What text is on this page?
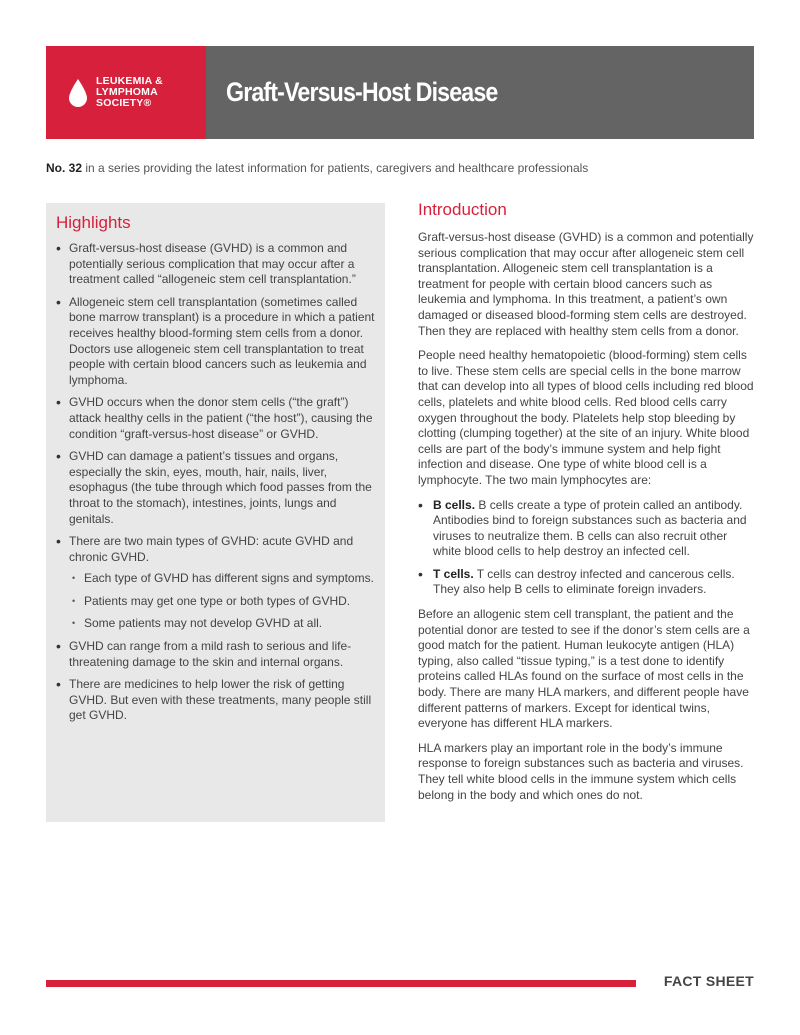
LEUKEMIA &
LYMPHOMA
SOCIETY®	Graft-Versus-Host Disease
No. 32 in a series providing the latest information for patients, caregivers and healthcare professionals
Highlights
• Graft-versus-host disease (GVHD) is a common and potentially serious complication that may occur after a treatment called “allogeneic stem cell transplantation.”
• Allogeneic stem cell transplantation (sometimes called bone marrow transplant) is a procedure in which a patient receives healthy blood-forming stem cells from a donor. Doctors use allogeneic stem cell transplantation to treat people with certain blood cancers such as leukemia and lymphoma.
• GVHD occurs when the donor stem cells (“the graft”) attack healthy cells in the patient (“the host”), causing the condition “graft-versus-host disease” or GVHD.
• GVHD can damage a patient’s tissues and organs, especially the skin, eyes, mouth, hair, nails, liver, esophagus (the tube through which food passes from the throat to the stomach), intestines, joints, lungs and genitals.
• There are two main types of GVHD: acute GVHD and chronic GVHD.
• Each type of GVHD has different signs and symptoms.
• Patients may get one type or both types of GVHD.
• Some patients may not develop GVHD at all.
• GVHD can range from a mild rash to serious and life-threatening damage to the skin and internal organs.
• There are medicines to help lower the risk of getting GVHD. But even with these treatments, many people still get GVHD.
Introduction

Graft-versus-host disease (GVHD) is a common and potentially serious complication that may occur after allogeneic stem cell transplantation. Allogeneic stem cell transplantation is a treatment for people with certain blood cancers such as leukemia and lymphoma. In this treatment, a patient’s own damaged or diseased blood-forming stem cells are destroyed. Then they are replaced with healthy stem cells from a donor.

People need healthy hematopoietic (blood-forming) stem cells to live. These stem cells are special cells in the bone marrow that can develop into all types of blood cells including red blood cells, platelets and white blood cells. Red blood cells carry oxygen throughout the body. Platelets help stop bleeding by clotting (clumping together) at the site of an injury. White blood cells are part of the body’s immune system and help fight infection and disease. One type of white blood cell is a lymphocyte. The two main lymphocytes are:

• B cells. B cells create a type of protein called an antibody. Antibodies bind to foreign substances such as bacteria and viruses to neutralize them. B cells can also recruit other white blood cells to help destroy an infected cell.
• T cells. T cells can destroy infected and cancerous cells. They also help B cells to eliminate foreign invaders.

Before an allogenic stem cell transplant, the patient and the potential donor are tested to see if the donor’s stem cells are a good match for the patient. Human leukocyte antigen (HLA) typing, also called “tissue typing,” is a test done to identify proteins called HLAs found on the surface of most cells in the body. There are many HLA markers, and different people have different patterns of markers. Except for identical twins, everyone has different HLA markers.

HLA markers play an important role in the body’s immune response to foreign substances such as bacteria and viruses. They tell white blood cells in the immune system which cells belong in the body and which ones do not.

FACT SHEET
